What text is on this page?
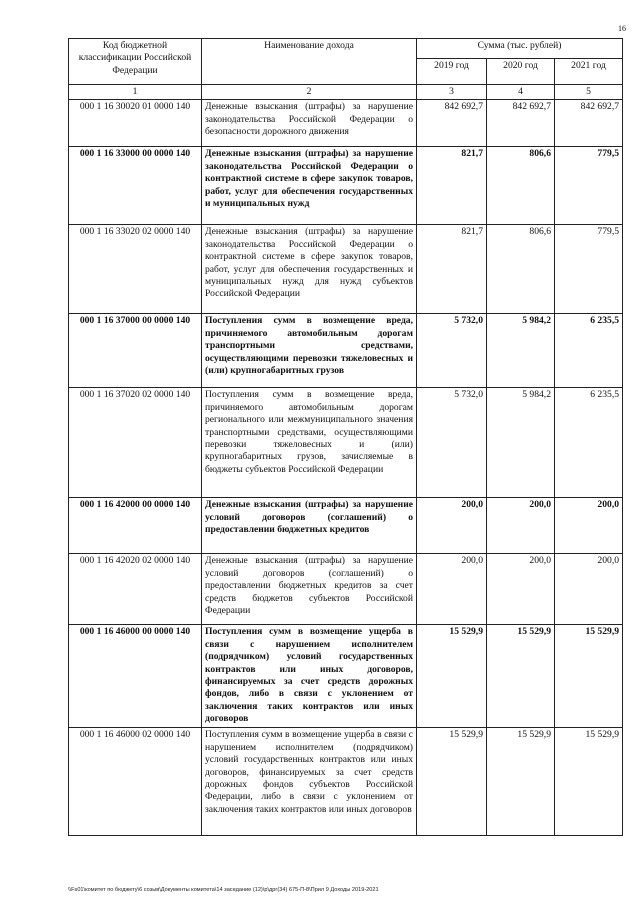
16
Код бюджетной классификации Российской Федерации	Наименование дохода	Сумма (тыс. рублей)		
		2019 год	2020 год	2021 год
1	2	3	4	5
000 1 16 30020 01 0000 140	Денежные взыскания (штрафы) за нарушение законодательства Российской Федерации о безопасности дорожного движения	842 692,7	842 692,7	842 692,7
000 1 16 33000 00 0000 140	Денежные взыскания (штрафы) за нарушение законодательства Российской Федерации о контрактной системе в сфере закупок товаров, работ, услуг для обеспечения государственных и муниципальных нужд	821,7	806,6	779,5
000 1 16 33020 02 0000 140	Денежные взыскания (штрафы) за нарушение законодательства Российской Федерации о контрактной системе в сфере закупок товаров, работ, услуг для обеспечения государственных и муниципальных нужд для нужд субъектов Российской Федерации	821,7	806,6	779,5
000 1 16 37000 00 0000 140	Поступления сумм в возмещение вреда, причиняемого автомобильным дорогам транспортными средствами, осуществляющими перевозки тяжеловесных и (или) крупногабаритных грузов	5 732,0	5 984,2	6 235,5
000 1 16 37020 02 0000 140	Поступления сумм в возмещение вреда, причиняемого автомобильным дорогам регионального или межмуниципального значения транспортными средствами, осуществляющими перевозки тяжеловесных и (или) крупногабаритных грузов, зачисляемые в бюджеты субъектов Российской Федерации	5 732,0	5 984,2	6 235,5
000 1 16 42000 00 0000 140	Денежные взыскания (штрафы) за нарушение условий договоров (соглашений) о предоставлении бюджетных кредитов	200,0	200,0	200,0
000 1 16 42020 02 0000 140	Денежные взыскания (штрафы) за нарушение условий договоров (соглашений) о предоставлении бюджетных кредитов за счет средств бюджетов субъектов Российской Федерации	200,0	200,0	200,0
000 1 16 46000 00 0000 140	Поступления сумм в возмещение ущерба в связи с нарушением исполнителем (подрядчиком) условий государственных контрактов или иных договоров, финансируемых за счет средств дорожных фондов, либо в связи с уклонением от заключения таких контрактов или иных договоров	15 529,9	15 529,9	15 529,9
000 1 16 46000 02 0000 140	Поступления сумм в возмещение ущерба в связи с нарушением исполнителем (подрядчиком) условий государственных контрактов или иных договоров, финансируемых за счет средств дорожных фондов субъектов Российской Федерации, либо в связи с уклонением от заключения таких контрактов или иных договоров	15 529,9	15 529,9	15 529,9
\\Fs01\комитет по бюджету\6 созыв\Документы комитета\14 заседание (12)\p\дрг(34) 675-П-8\Прил 9 Доходы 2019-2021
